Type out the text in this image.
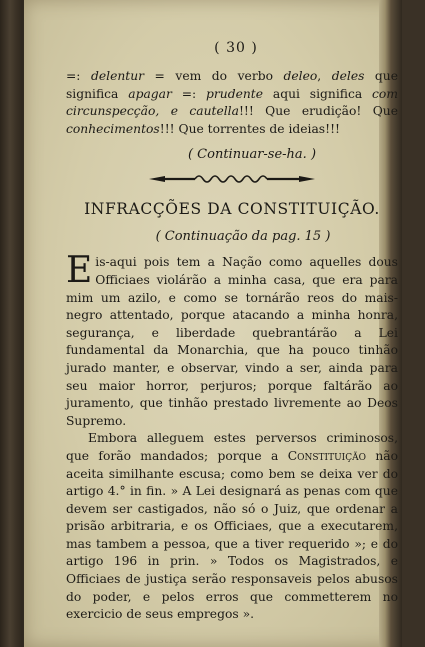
( 30 )

=: delentur = vem do verbo deleo, deles que significa apagar =: prudente aqui significa com circunspecção, e cautella!!! Que erudição! Que conhecimentos!!! Que torrentes de ideias!!!

( Continuar-se-ha. )
INFRACÇÕES DA CONSTITUIÇÃO.
( Continuação da pag. 15 )

Eis-aqui pois tem a Nação como aquelles dous Officiaes violárão a minha casa, que era para mim um azilo, e como se tornárão reos do mais-negro attentado, porque atacando a minha honra, segurança, e liberdade quebrantárão a Lei fundamental da Monarchia, que ha pouco tinhão jurado manter, e observar, vindo a ser, ainda para seu maior horror, perjuros; porque faltárão ao juramento, que tinhão prestado livremente ao Deos Supremo.

Embora alleguem estes perversos criminosos, que forão mandados; porque a Constituição não aceita similhante escusa; como bem se deixa ver do artigo 4.° in fin. » A Lei designará as penas com que devem ser castigados, não só o Juiz, que ordenar a prisão arbitraria, e os Officiaes, que a executarem, mas tambem a pessoa, que a tiver requerido »; e do artigo 196 in prin. » Todos os Magistrados, e Officiaes de justiça serão responsaveis pelos abusos do poder, e pelos erros que commetterem no exercicio de seus empregos ».
